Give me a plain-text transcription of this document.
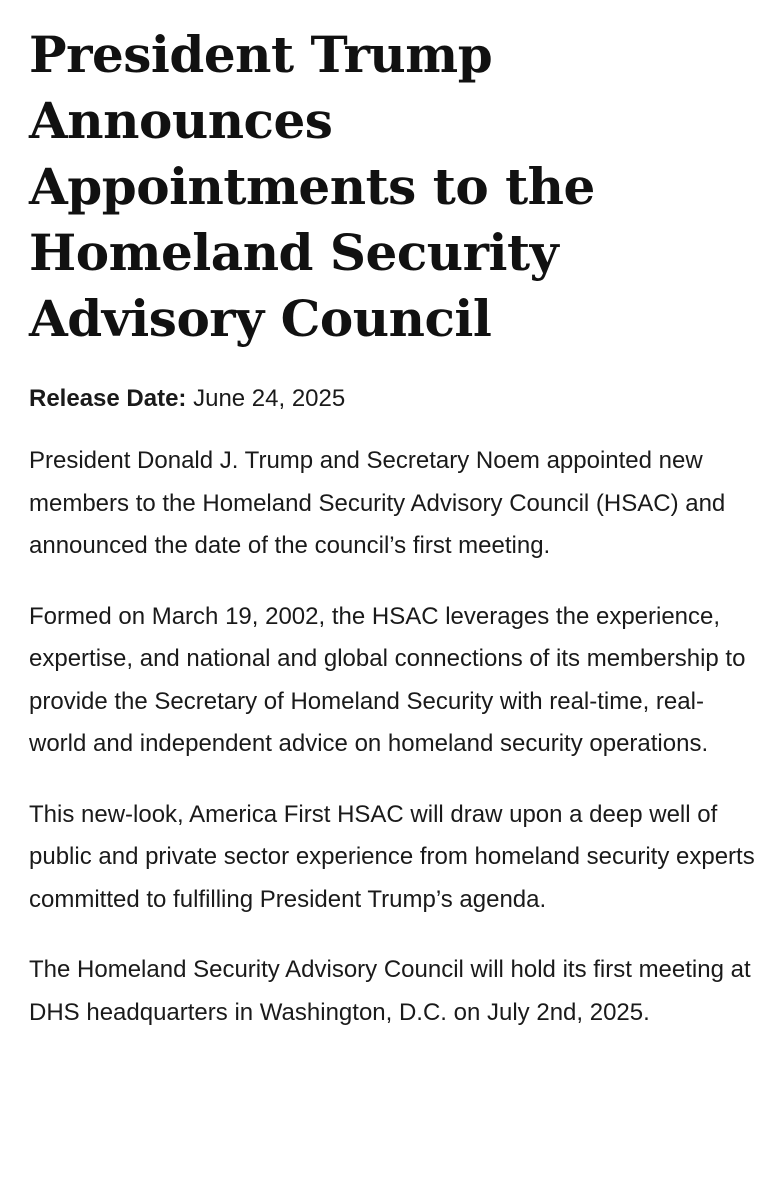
President Trump Announces Appointments to the Homeland Security Advisory Council

Release Date: June 24, 2025

President Donald J. Trump and Secretary Noem appointed new members to the Homeland Security Advisory Council (HSAC) and announced the date of the council’s first meeting.

Formed on March 19, 2002, the HSAC leverages the experience, expertise, and national and global connections of its membership to provide the Secretary of Homeland Security with real-time, real-world and independent advice on homeland security operations.

This new-look, America First HSAC will draw upon a deep well of public and private sector experience from homeland security experts committed to fulfilling President Trump’s agenda.

The Homeland Security Advisory Council will hold its first meeting at DHS headquarters in Washington, D.C. on July 2nd, 2025.
